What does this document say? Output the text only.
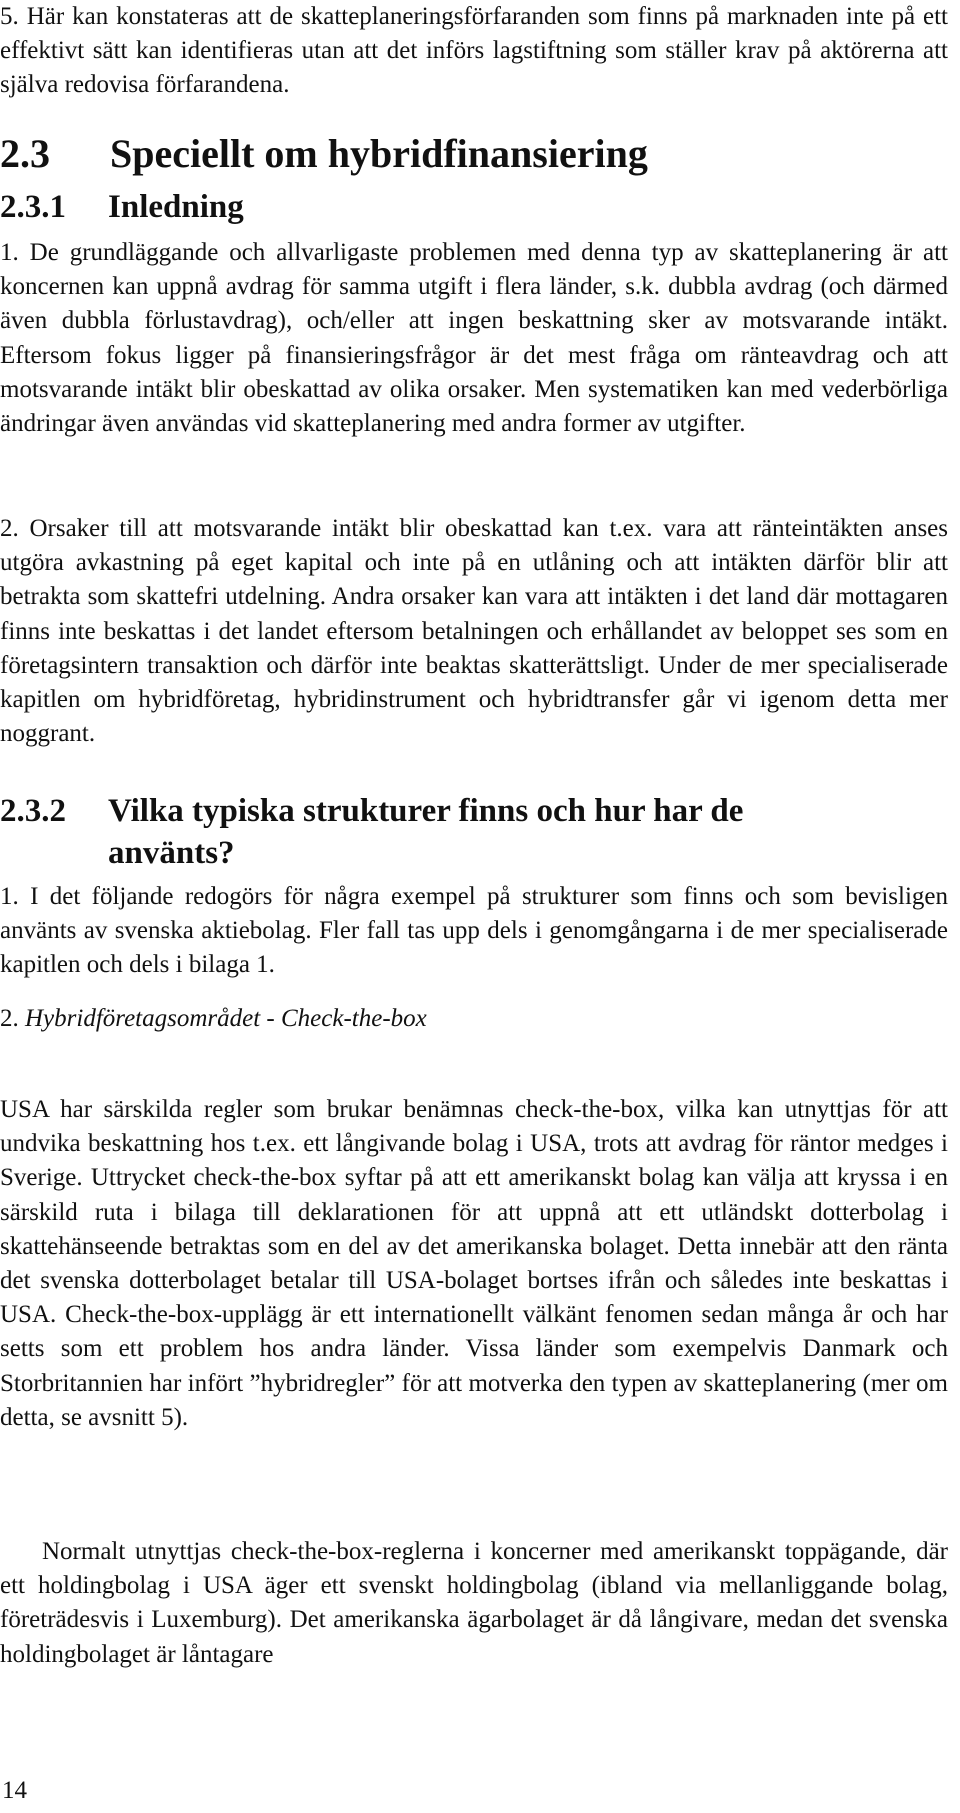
5. Här kan konstateras att de skatteplaneringsförfaranden som finns på marknaden inte på ett effektivt sätt kan identifieras utan att det införs lagstiftning som ställer krav på aktörerna att själva redovisa förfarandena.

2.3 Speciellt om hybridfinansiering
2.3.1 Inledning

1. De grundläggande och allvarligaste problemen med denna typ av skatteplanering är att koncernen kan uppnå avdrag för samma utgift i flera länder, s.k. dubbla avdrag (och därmed även dubbla förlustavdrag), och/eller att ingen beskattning sker av motsvarande intäkt. Eftersom fokus ligger på finansieringsfrågor är det mest fråga om ränteavdrag och att motsvarande intäkt blir obeskattad av olika orsaker. Men systematiken kan med vederbörliga ändringar även användas vid skatteplanering med andra former av utgifter.

2. Orsaker till att motsvarande intäkt blir obeskattad kan t.ex. vara att ränteintäkten anses utgöra avkastning på eget kapital och inte på en utlåning och att intäkten därför blir att betrakta som skattefri utdelning. Andra orsaker kan vara att intäkten i det land där mottagaren finns inte beskattas i det landet eftersom betalningen och erhållandet av beloppet ses som en företagsintern transaktion och därför inte beaktas skatterättsligt. Under de mer specialiserade kapitlen om hybridföretag, hybridinstrument och hybridtransfer går vi igenom detta mer noggrant.

2.3.2	Vilka typiska strukturer finns och hur har de använts?

1. I det följande redogörs för några exempel på strukturer som finns och som bevisligen använts av svenska aktiebolag. Fler fall tas upp dels i genomgångarna i de mer specialiserade kapitlen och dels i bilaga 1.

2. Hybridföretagsområdet - Check-the-box

USA har särskilda regler som brukar benämnas check-the-box, vilka kan utnyttjas för att undvika beskattning hos t.ex. ett långivande bolag i USA, trots att avdrag för räntor medges i Sverige. Uttrycket check-the-box syftar på att ett amerikanskt bolag kan välja att kryssa i en särskild ruta i bilaga till deklarationen för att uppnå att ett utländskt dotterbolag i skattehänseende betraktas som en del av det amerikanska bolaget. Detta innebär att den ränta det svenska dotterbolaget betalar till USA-bolaget bortses ifrån och således inte beskattas i USA. Check-the-box-upplägg är ett internationellt välkänt fenomen sedan många år och har setts som ett problem hos andra länder. Vissa länder som exempelvis Danmark och Storbritannien har infört ”hybridregler” för att motverka den typen av skatteplanering (mer om detta, se avsnitt 5).

Normalt utnyttjas check-the-box-reglerna i koncerner med amerikanskt toppägande, där ett holdingbolag i USA äger ett svenskt holdingbolag (ibland via mellanliggande bolag, företrädesvis i Luxemburg). Det amerikanska ägarbolaget är då långivare, medan det svenska holdingbolaget är låntagare

14
